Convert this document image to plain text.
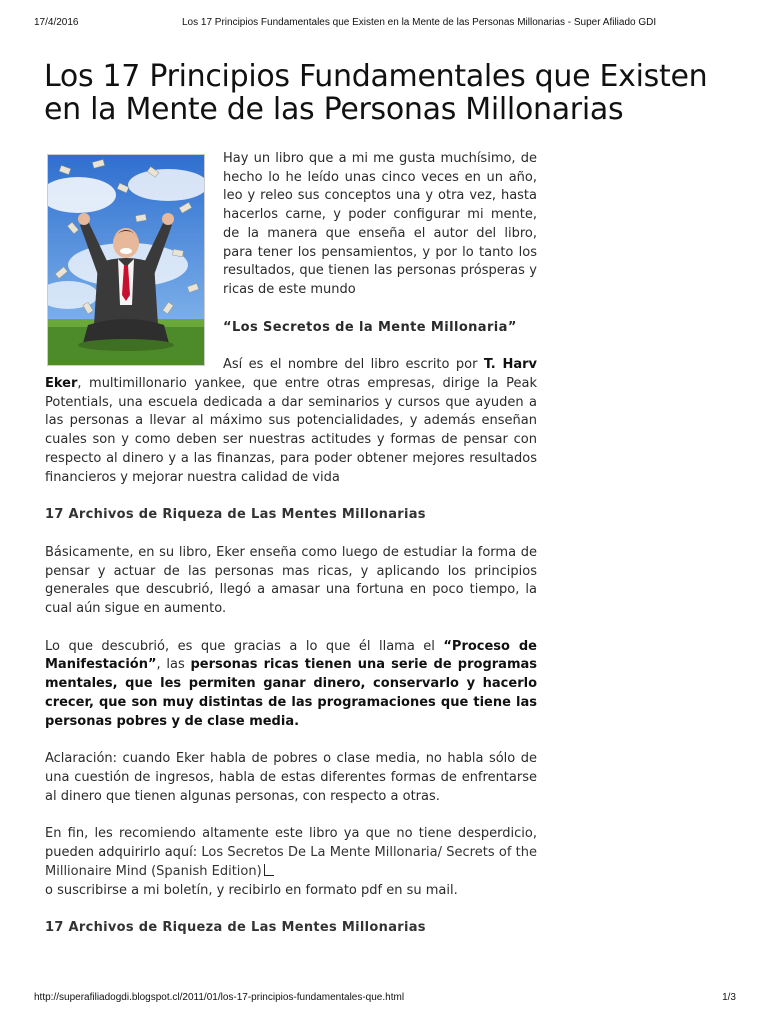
17/4/2016	Los 17 Principios Fundamentales que Existen en la Mente de las Personas Millonarias - Super Afiliado GDI
Los 17 Principios Fundamentales que Existen en la Mente de las Personas Millonarias

Hay un libro que a mi me gusta muchísimo, de hecho lo he leído unas cinco veces en un año, leo y releo sus conceptos una y otra vez, hasta hacerlos carne, y poder configurar mi mente, de la manera que enseña el autor del libro, para tener los pensamientos, y por lo tanto los resultados, que tienen las personas prósperas y ricas de este mundo

“Los Secretos de la Mente Millonaria”

Así es el nombre del libro escrito por T. Harv Eker, multimillonario yankee, que entre otras empresas, dirige la Peak Potentials, una escuela dedicada a dar seminarios y cursos que ayuden a las personas a llevar al máximo sus potencialidades, y además enseñan cuales son y como deben ser nuestras actitudes y formas de pensar con respecto al dinero y a las finanzas, para poder obtener mejores resultados financieros y mejorar nuestra calidad de vida

17 Archivos de Riqueza de Las Mentes Millonarias

Básicamente, en su libro, Eker enseña como luego de estudiar la forma de pensar y actuar de las personas mas ricas, y aplicando los principios generales que descubrió, llegó a amasar una fortuna en poco tiempo, la cual aún sigue en aumento.

Lo que descubrió, es que gracias a lo que él llama el “Proceso de Manifestación”, las personas ricas tienen una serie de programas mentales, que les permiten ganar dinero, conservarlo y hacerlo crecer, que son muy distintas de las programaciones que tiene las personas pobres y de clase media.

Aclaración: cuando Eker habla de pobres o clase media, no habla sólo de una cuestión de ingresos, habla de estas diferentes formas de enfrentarse al dinero que tienen algunas personas, con respecto a otras.

En fin, les recomiendo altamente este libro ya que no tiene desperdicio, pueden adquirirlo aquí: Los Secretos De La Mente Millonaria/ Secrets of the Millionaire Mind (Spanish Edition)
o suscribirse a mi boletín, y recibirlo en formato pdf en su mail.

17 Archivos de Riqueza de Las Mentes Millonarias
http://superafiliadogdi.blogspot.cl/2011/01/los-17-principios-fundamentales-que.html	1/3
